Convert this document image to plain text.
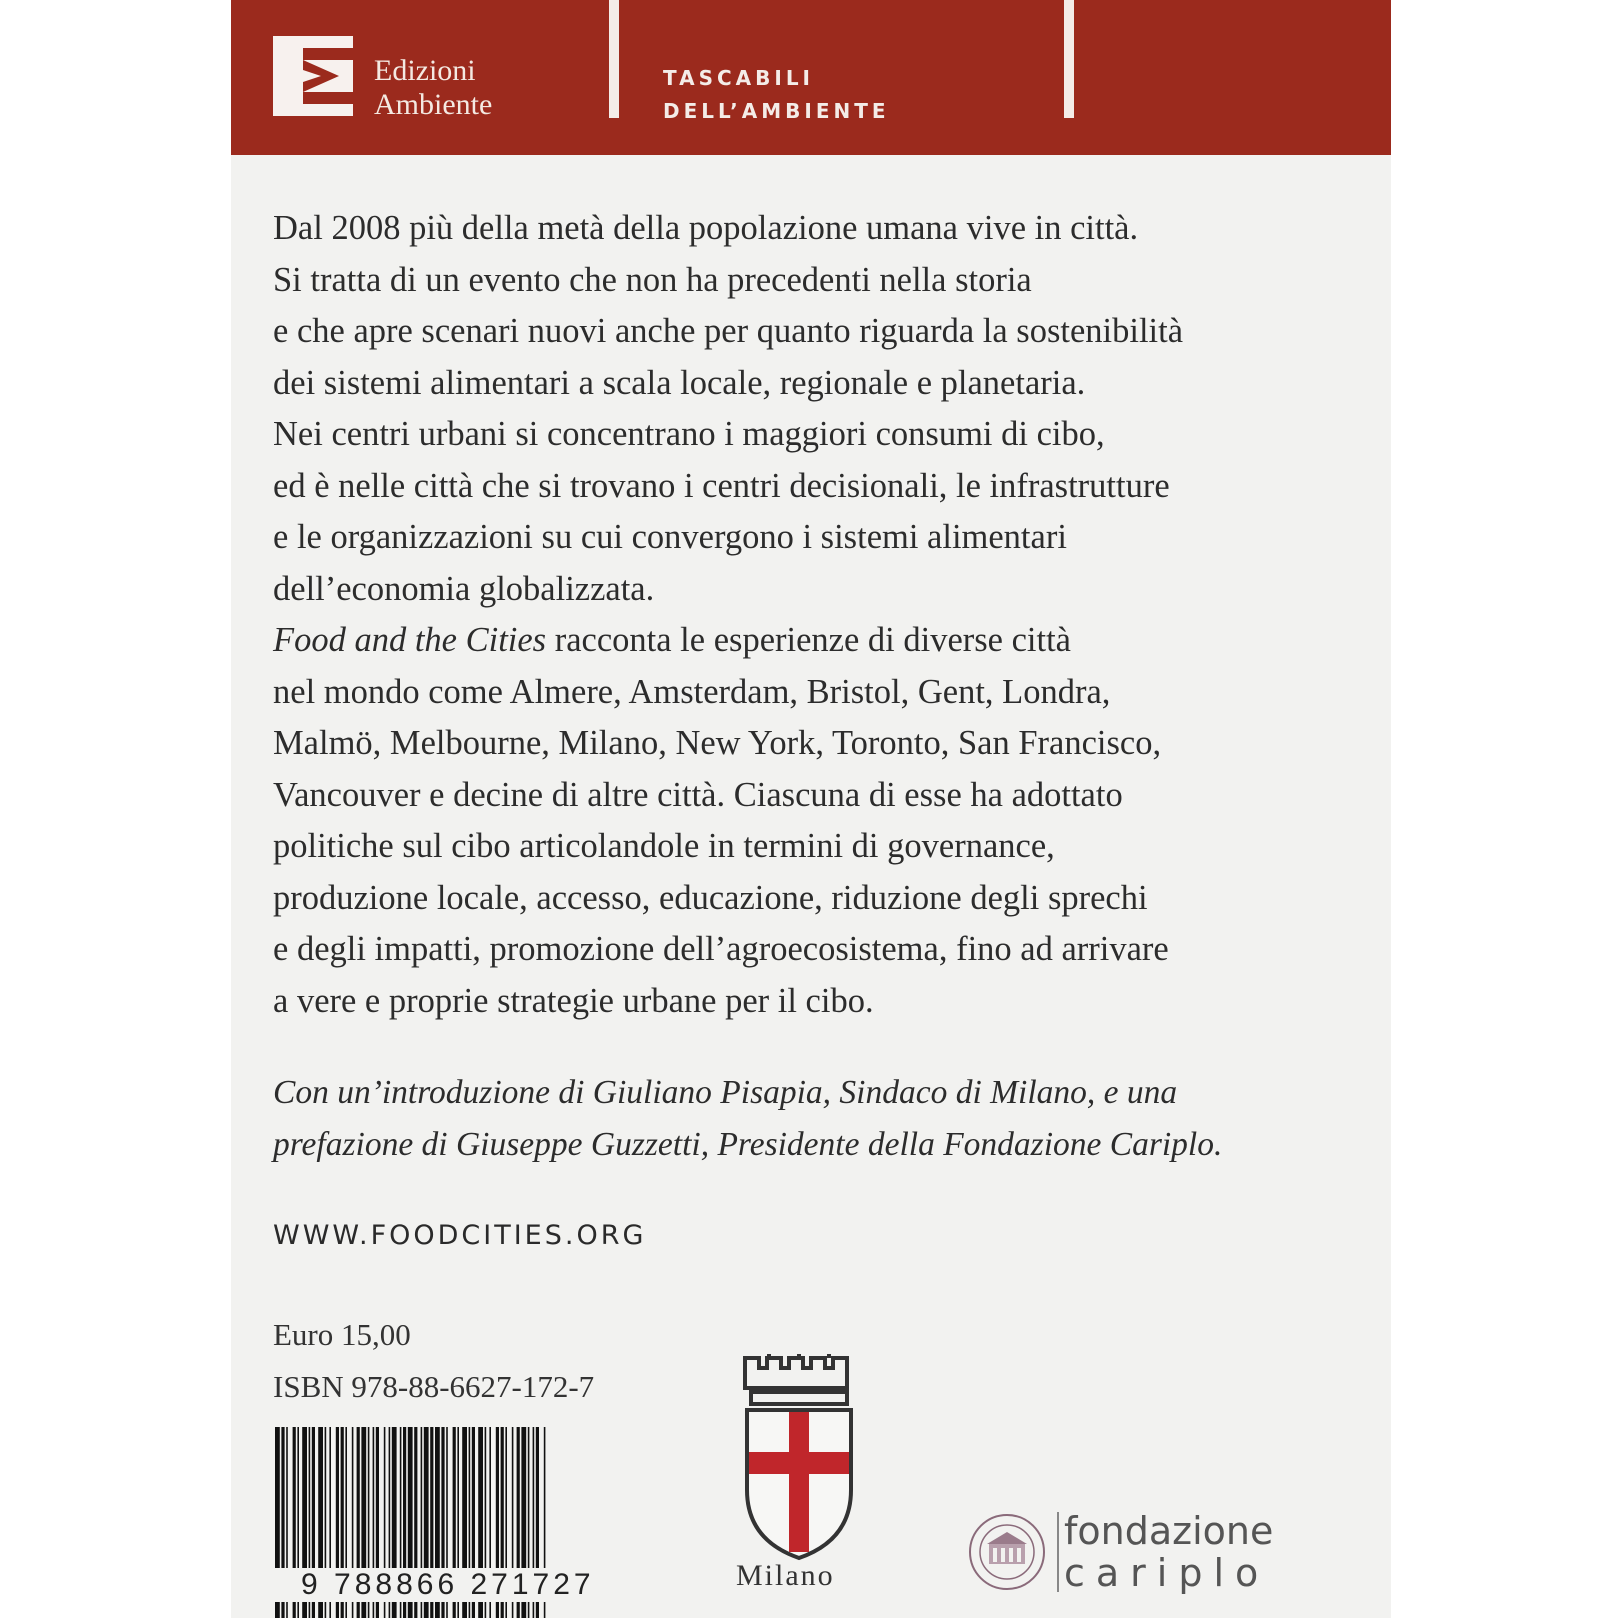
Edizioni
Ambiente
TASCABILI
DELL’AMBIENTE
Dal 2008 più della metà della popolazione umana vive in città.
Si tratta di un evento che non ha precedenti nella storia
e che apre scenari nuovi anche per quanto riguarda la sostenibilità
dei sistemi alimentari a scala locale, regionale e planetaria.
Nei centri urbani si concentrano i maggiori consumi di cibo,
ed è nelle città che si trovano i centri decisionali, le infrastrutture
e le organizzazioni su cui convergono i sistemi alimentari
dell’economia globalizzata.
Food and the Cities racconta le esperienze di diverse città
nel mondo come Almere, Amsterdam, Bristol, Gent, Londra,
Malmö, Melbourne, Milano, New York, Toronto, San Francisco,
Vancouver e decine di altre città. Ciascuna di esse ha adottato
politiche sul cibo articolandole in termini di governance,
produzione locale, accesso, educazione, riduzione degli sprechi
e degli impatti, promozione dell’agroecosistema, fino ad arrivare
a vere e proprie strategie urbane per il cibo.
Con un’introduzione di Giuliano Pisapia, Sindaco di Milano, e una
prefazione di Giuseppe Guzzetti, Presidente della Fondazione Cariplo.
WWW.FOODCITIES.ORG
Euro 15,00
ISBN 978-88-6627-172-7
9 788866 271727	Milano
fondazione
cariplo
